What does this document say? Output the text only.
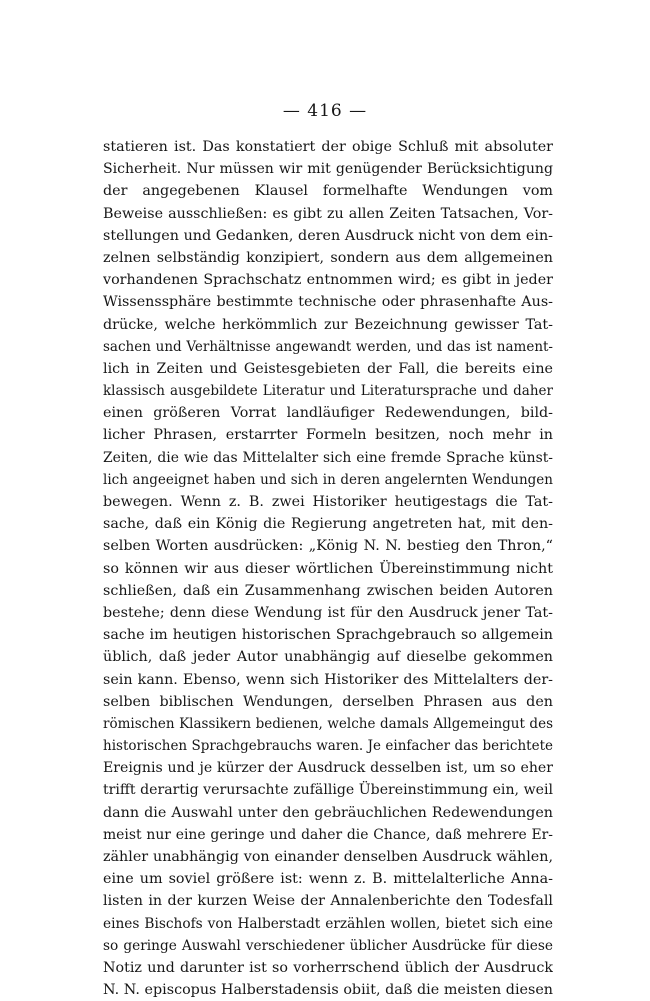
— 416 —
statieren ist. Das konstatiert der obige Schluß mit absoluter
Sicherheit. Nur müssen wir mit genügender Berücksichtigung
der angegebenen Klausel formelhafte Wendungen vom
Beweise ausschließen: es gibt zu allen Zeiten Tatsachen, Vor-
stellungen und Gedanken, deren Ausdruck nicht von dem ein-
zelnen selbständig konzipiert, sondern aus dem allgemeinen
vorhandenen Sprachschatz entnommen wird; es gibt in jeder
Wissenssphäre bestimmte technische oder phrasenhafte Aus-
drücke, welche herkömmlich zur Bezeichnung gewisser Tat-
sachen und Verhältnisse angewandt werden, und das ist nament-
lich in Zeiten und Geistesgebieten der Fall, die bereits eine
klassisch ausgebildete Literatur und Literatursprache und daher
einen größeren Vorrat landläufiger Redewendungen, bild-
licher Phrasen, erstarrter Formeln besitzen, noch mehr in
Zeiten, die wie das Mittelalter sich eine fremde Sprache künst-
lich angeeignet haben und sich in deren angelernten Wendungen
bewegen. Wenn z. B. zwei Historiker heutigestags die Tat-
sache, daß ein König die Regierung angetreten hat, mit den-
selben Worten ausdrücken: „König N. N. bestieg den Thron,“
so können wir aus dieser wörtlichen Übereinstimmung nicht
schließen, daß ein Zusammenhang zwischen beiden Autoren
bestehe; denn diese Wendung ist für den Ausdruck jener Tat-
sache im heutigen historischen Sprachgebrauch so allgemein
üblich, daß jeder Autor unabhängig auf dieselbe gekommen
sein kann. Ebenso, wenn sich Historiker des Mittelalters der-
selben biblischen Wendungen, derselben Phrasen aus den
römischen Klassikern bedienen, welche damals Allgemeingut des
historischen Sprachgebrauchs waren. Je einfacher das berichtete
Ereignis und je kürzer der Ausdruck desselben ist, um so eher
trifft derartig verursachte zufällige Übereinstimmung ein, weil
dann die Auswahl unter den gebräuchlichen Redewendungen
meist nur eine geringe und daher die Chance, daß mehrere Er-
zähler unabhängig von einander denselben Ausdruck wählen,
eine um soviel größere ist: wenn z. B. mittelalterliche Anna-
listen in der kurzen Weise der Annalenberichte den Todesfall
eines Bischofs von Halberstadt erzählen wollen, bietet sich eine
so geringe Auswahl verschiedener üblicher Ausdrücke für diese
Notiz und darunter ist so vorherrschend üblich der Ausdruck
N. N. episcopus Halberstadensis obiit, daß die meisten diesen
